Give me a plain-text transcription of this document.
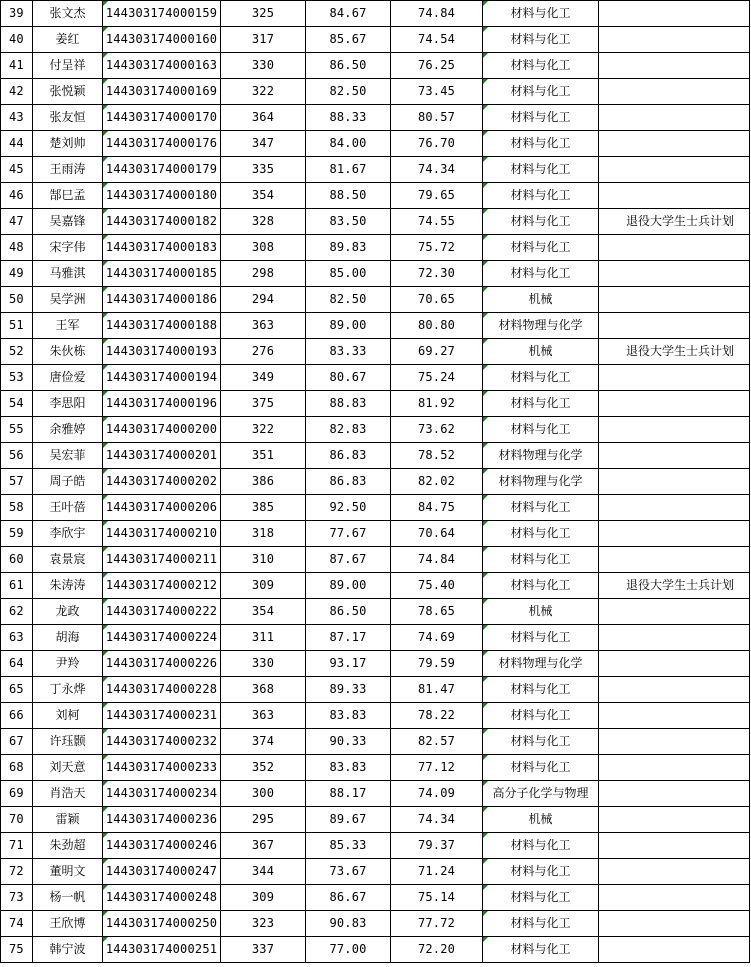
39	张文杰	144303174000159	325	84.67	74.84	材料与化工	
40	姜红	144303174000160	317	85.67	74.54	材料与化工	
41	付呈祥	144303174000163	330	86.50	76.25	材料与化工	
42	张悦颖	144303174000169	322	82.50	73.45	材料与化工	
43	张友恒	144303174000170	364	88.33	80.57	材料与化工	
44	楚刘帅	144303174000176	347	84.00	76.70	材料与化工	
45	王雨涛	144303174000179	335	81.67	74.34	材料与化工	
46	郜巳孟	144303174000180	354	88.50	79.65	材料与化工	
47	吴嘉锋	144303174000182	328	83.50	74.55	材料与化工	退役大学生士兵计划
48	宋字伟	144303174000183	308	89.83	75.72	材料与化工	
49	马雅淇	144303174000185	298	85.00	72.30	材料与化工	
50	吴学洲	144303174000186	294	82.50	70.65	机械	
51	王军	144303174000188	363	89.00	80.80	材料物理与化学	
52	朱伙栋	144303174000193	276	83.33	69.27	机械	退役大学生士兵计划
53	唐俭爱	144303174000194	349	80.67	75.24	材料与化工	
54	李思阳	144303174000196	375	88.83	81.92	材料与化工	
55	余雅婷	144303174000200	322	82.83	73.62	材料与化工	
56	吴宏菲	144303174000201	351	86.83	78.52	材料物理与化学	
57	周子皓	144303174000202	386	86.83	82.02	材料物理与化学	
58	王叶蓓	144303174000206	385	92.50	84.75	材料与化工	
59	李欣宇	144303174000210	318	77.67	70.64	材料与化工	
60	袁景宸	144303174000211	310	87.67	74.84	材料与化工	
61	朱涛涛	144303174000212	309	89.00	75.40	材料与化工	退役大学生士兵计划
62	龙政	144303174000222	354	86.50	78.65	机械	
63	胡海	144303174000224	311	87.17	74.69	材料与化工	
64	尹羚	144303174000226	330	93.17	79.59	材料物理与化学	
65	丁永烨	144303174000228	368	89.33	81.47	材料与化工	
66	刘柯	144303174000231	363	83.83	78.22	材料与化工	
67	许珏颢	144303174000232	374	90.33	82.57	材料与化工	
68	刘天意	144303174000233	352	83.83	77.12	材料与化工	
69	肖浩天	144303174000234	300	88.17	74.09	高分子化学与物理	
70	雷颖	144303174000236	295	89.67	74.34	机械	
71	朱劲超	144303174000246	367	85.33	79.37	材料与化工	
72	董明文	144303174000247	344	73.67	71.24	材料与化工	
73	杨一帆	144303174000248	309	86.67	75.14	材料与化工	
74	王欣博	144303174000250	323	90.83	77.72	材料与化工	
75	韩宁波	144303174000251	337	77.00	72.20	材料与化工	
